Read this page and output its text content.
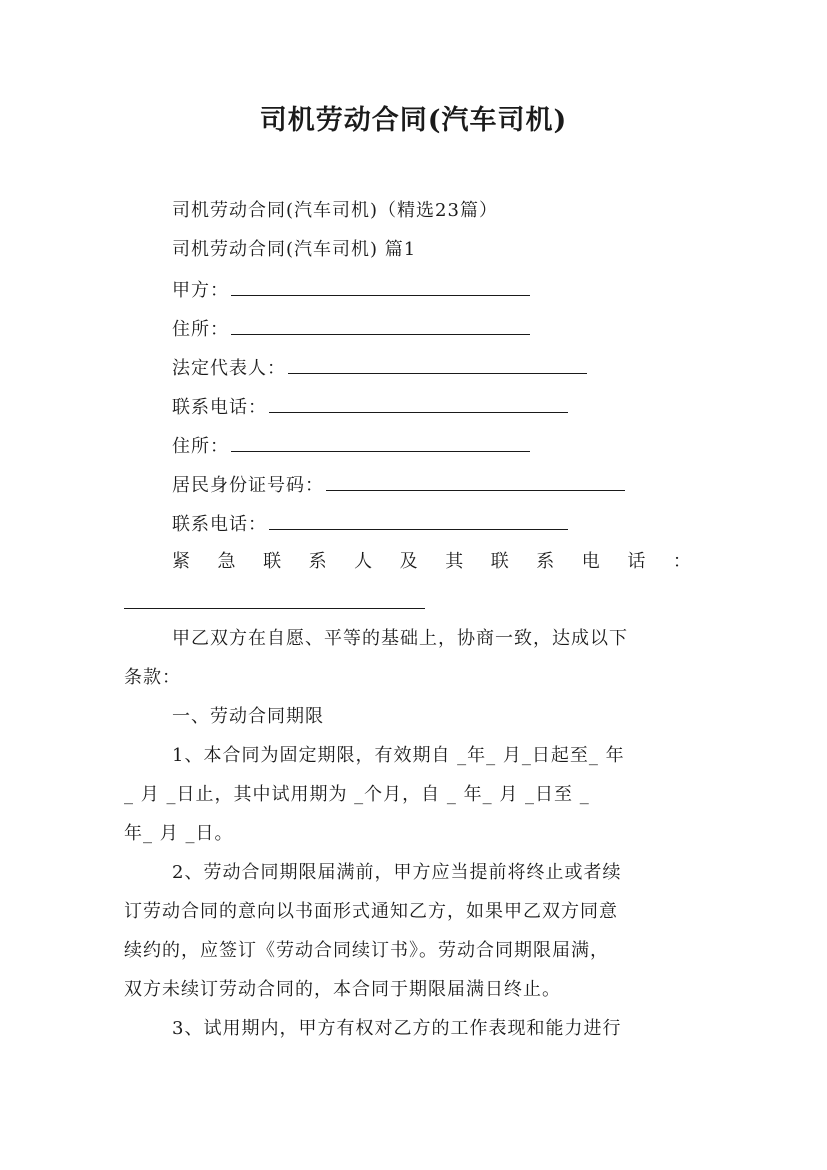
司机劳动合同(汽车司机)
司机劳动合同(汽车司机)（精选23篇）
司机劳动合同(汽车司机) 篇1
甲方：
住所：
法定代表人：
联系电话：
住所：
居民身份证号码：
联系电话：
紧 急 联 系 人 及 其 联 系 电 话 ：
甲乙双方在自愿、平等的基础上，协商一致，达成以下
条款：
一、劳动合同期限
1、本合同为固定期限，有效期自 _年_ 月_日起至_ 年
_ 月 _日止，其中试用期为 _个月，自 _ 年_ 月 _日至 _
年_ 月 _日。
2、劳动合同期限届满前，甲方应当提前将终止或者续
订劳动合同的意向以书面形式通知乙方，如果甲乙双方同意
续约的，应签订《劳动合同续订书》。劳动合同期限届满，
双方未续订劳动合同的，本合同于期限届满日终止。
3、试用期内，甲方有权对乙方的工作表现和能力进行
